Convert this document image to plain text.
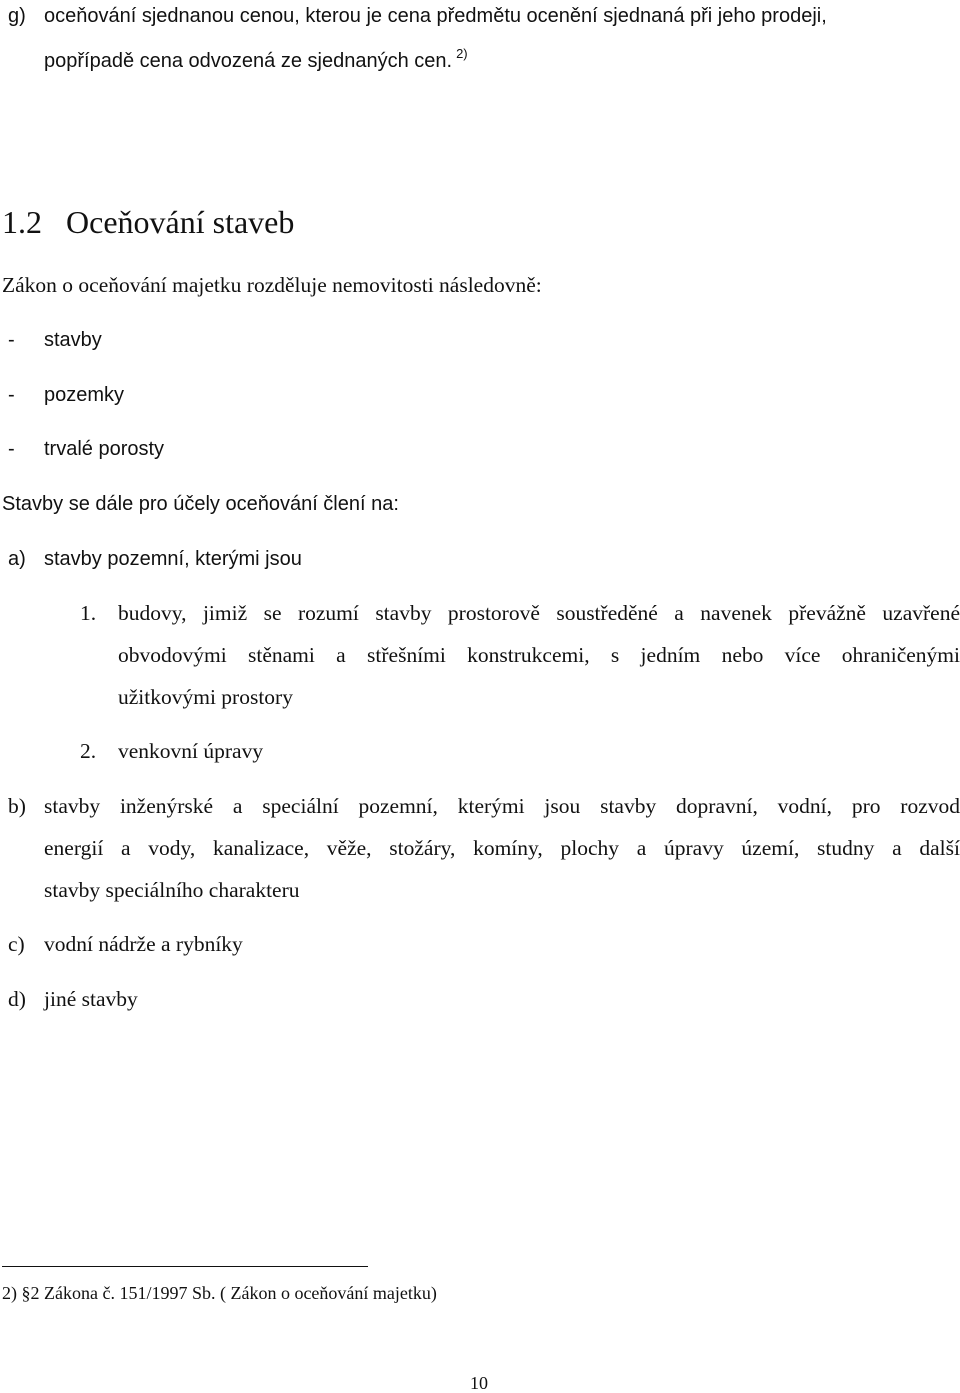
g) oceňování sjednanou cenou, kterou je cena předmětu ocenění sjednaná při jeho prodeji,
popřípadě cena odvozená ze sjednaných cen. $^{2)}$
1.2 Oceňování staveb
Zákon o oceňování majetku rozděluje nemovitosti následovně:
- stavby
- pozemky
- trvalé porosty
Stavby se dále pro účely oceňování člení na:
a) stavby pozemní, kterými jsou
1. budovy, jimiž se rozumí stavby prostorově soustředěné a navenek převážně uzavřené
obvodovými stěnami a střešními konstrukcemi, s jedním nebo více ohraničenými
užitkovými prostory
2. venkovní úpravy
b) stavby inženýrské a speciální pozemní, kterými jsou stavby dopravní, vodní, pro rozvod
energií a vody, kanalizace, věže, stožáry, komíny, plochy a úpravy území, studny a další
stavby speciálního charakteru
c) vodní nádrže a rybníky
d) jiné stavby
2) §2 Zákona č. 151/1997 Sb. ( Zákon o oceňování majetku)
10
